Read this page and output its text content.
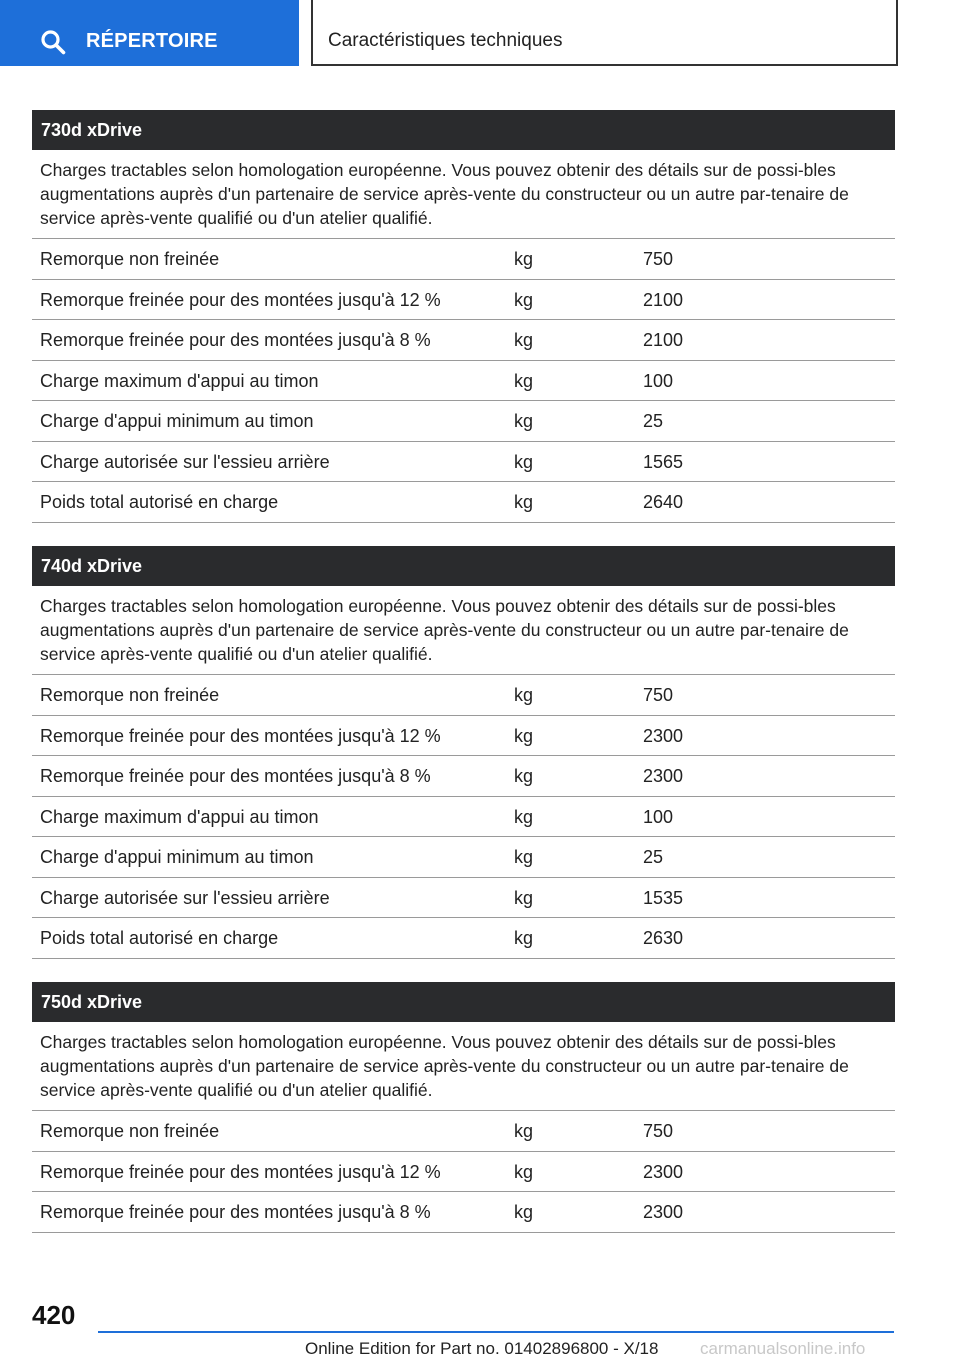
RÉPERTOIRE	Caractéristiques techniques
730d xDrive
Charges tractables selon homologation européenne. Vous pouvez obtenir des détails sur de possi‐bles augmentations auprès d'un partenaire de service après-vente du constructeur ou un autre par‐tenaire de service après-vente qualifié ou d'un atelier qualifié.
Remorque non freinée	kg	750
Remorque freinée pour des montées jusqu'à 12 %	kg	2100
Remorque freinée pour des montées jusqu'à 8 %	kg	2100
Charge maximum d'appui au timon	kg	100
Charge d'appui minimum au timon	kg	25
Charge autorisée sur l'essieu arrière	kg	1565
Poids total autorisé en charge	kg	2640
740d xDrive
Charges tractables selon homologation européenne. Vous pouvez obtenir des détails sur de possi‐bles augmentations auprès d'un partenaire de service après-vente du constructeur ou un autre par‐tenaire de service après-vente qualifié ou d'un atelier qualifié.
Remorque non freinée	kg	750
Remorque freinée pour des montées jusqu'à 12 %	kg	2300
Remorque freinée pour des montées jusqu'à 8 %	kg	2300
Charge maximum d'appui au timon	kg	100
Charge d'appui minimum au timon	kg	25
Charge autorisée sur l'essieu arrière	kg	1535
Poids total autorisé en charge	kg	2630
750d xDrive
Charges tractables selon homologation européenne. Vous pouvez obtenir des détails sur de possi‐bles augmentations auprès d'un partenaire de service après-vente du constructeur ou un autre par‐tenaire de service après-vente qualifié ou d'un atelier qualifié.
Remorque non freinée	kg	750
Remorque freinée pour des montées jusqu'à 12 %	kg	2300
Remorque freinée pour des montées jusqu'à 8 %	kg	2300
420
Online Edition for Part no. 01402896800 - X/18 carmanualsonline.info
